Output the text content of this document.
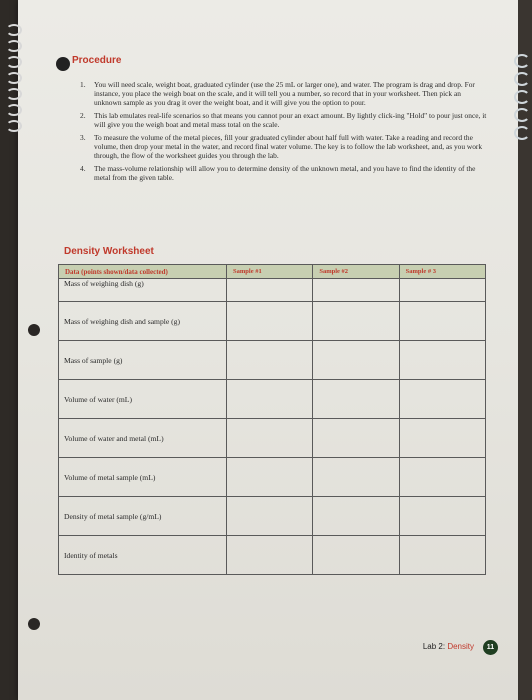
Procedure
1. You will need scale, weight boat, graduated cylinder (use the 25 mL or larger one), and water. The program is drag and drop. For instance, you place the weigh boat on the scale, and it will tell you a number, so record that in your worksheet. Then pick an unknown sample as you drag it over the weight boat, and it will give you the option to pour.
2. This lab emulates real-life scenarios so that means you cannot pour an exact amount. By lightly click-ing "Hold" to pour just once, it will give you the weigh boat and metal mass total on the scale.
3. To measure the volume of the metal pieces, fill your graduated cylinder about half full with water. Take a reading and record the volume, then drop your metal in the water, and record final water volume. The key is to follow the lab worksheet, and, as you work through, the flow of the worksheet guides you through the lab.
4. The mass-volume relationship will allow you to determine density of the unknown metal, and you have to find the identity of the metal from the given table.
Density Worksheet
Data (points shown/data collected)	Sample #1	Sample #2	Sample # 3
Mass of weighing dish (g)			
Mass of weighing dish and sample (g)			
Mass of sample (g)			
Volume of water (mL)			
Volume of water and metal (mL)			
Volume of metal sample (mL)			
Density of metal sample (g/mL)			
Identity of metals			
Lab 2: Density	11
